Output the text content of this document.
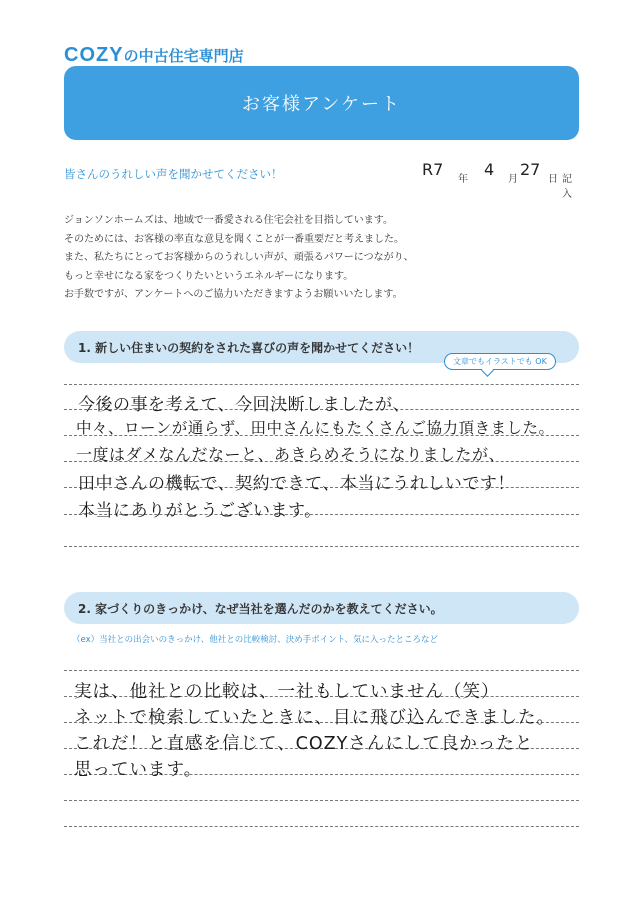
COZYの中古住宅専門店
お客様アンケート
皆さんのうれしい声を聞かせてください！	R7
年
4
月
27
日 記入
ジョンソンホームズは、地域で一番愛される住宅会社を目指しています。
そのためには、お客様の率直な意見を聞くことが一番重要だと考えました。
また、私たちにとってお客様からのうれしい声が、頑張るパワーにつながり、
もっと幸せになる家をつくりたいというエネルギーになります。
お手数ですが、アンケートへのご協力いただきますようお願いいたします。
1. 新しい住まいの契約をされた喜びの声を聞かせてください！
文章でもイラストでも OK
今後の事を考えて、今回決断しましたが、
中々、ローンが通らず、田中さんにもたくさんご協力頂きました。
一度はダメなんだなーと、あきらめそうになりましたが、
田中さんの機転で、契約できて、本当にうれしいです！
本当にありがとうございます。
2. 家づくりのきっかけ、なぜ当社を選んだのかを教えてください。
（ex）当社との出会いのきっかけ、他社との比較検討、決め手ポイント、気に入ったところなど
実は、他社との比較は、一社もしていません（笑）
ネットで検索していたときに、目に飛び込んできました。
これだ！と直感を信じて、COZYさんにして良かったと
思っています。
